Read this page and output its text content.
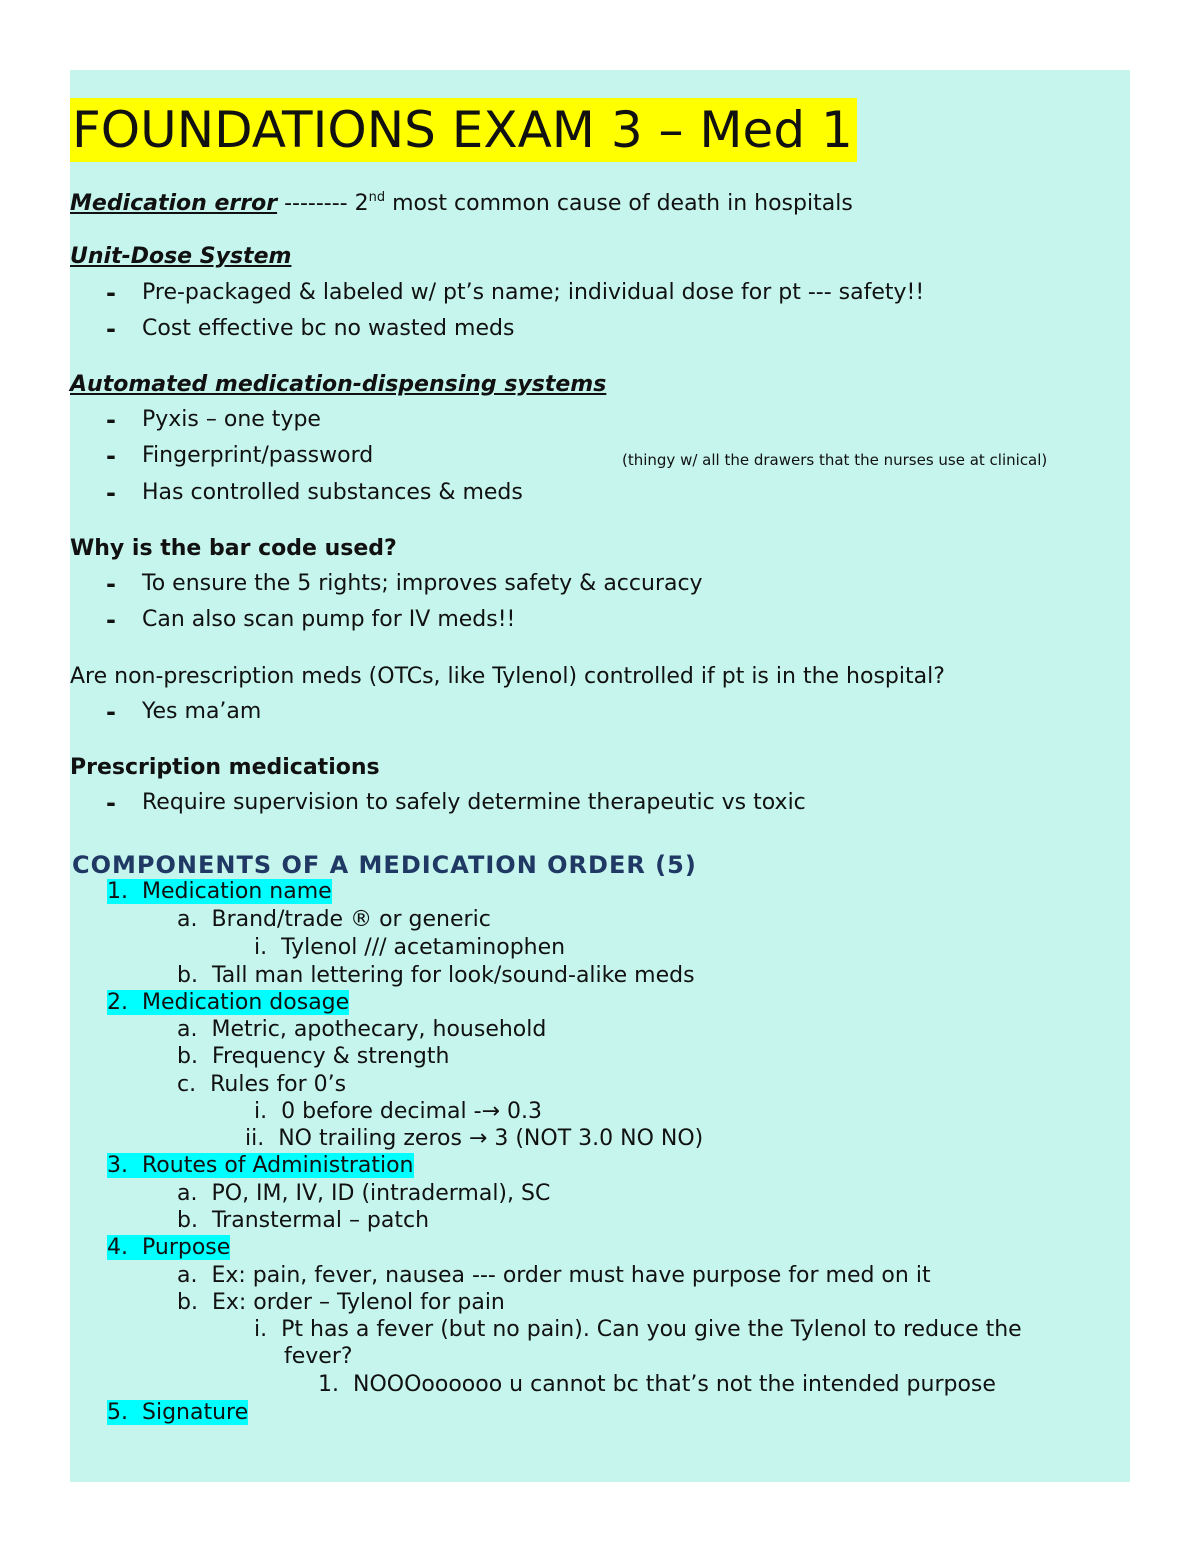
FOUNDATIONS EXAM 3 – Med 1
Medication error -------- 2nd most common cause of death in hospitals
Unit-Dose System
- Pre-packaged & labeled w/ pt’s name; individual dose for pt --- safety!!
- Cost effective bc no wasted meds
Automated medication-dispensing systems
- Pyxis – one type
- Fingerprint/password	(thingy w/ all the drawers that the nurses use at clinical)
- Has controlled substances & meds
Why is the bar code used?
- To ensure the 5 rights; improves safety & accuracy
- Can also scan pump for IV meds!!
Are non-prescription meds (OTCs, like Tylenol) controlled if pt is in the hospital?
- Yes ma’am
Prescription medications
- Require supervision to safely determine therapeutic vs toxic
COMPONENTS OF A MEDICATION ORDER (5)
1. Medication name
a. Brand/trade ® or generic
i. Tylenol /// acetaminophen
b. Tall man lettering for look/sound-alike meds
2. Medication dosage
a. Metric, apothecary, household
b. Frequency & strength
c. Rules for 0’s
i. 0 before decimal -→ 0.3
ii. NO trailing zeros → 3 (NOT 3.0 NO NO)
3. Routes of Administration
a. PO, IM, IV, ID (intradermal), SC
b. Transtermal – patch
4. Purpose
a. Ex: pain, fever, nausea --- order must have purpose for med on it
b. Ex: order – Tylenol for pain
i. Pt has a fever (but no pain). Can you give the Tylenol to reduce the
fever?
1. NOOOoooooo u cannot bc that’s not the intended purpose
5. Signature
